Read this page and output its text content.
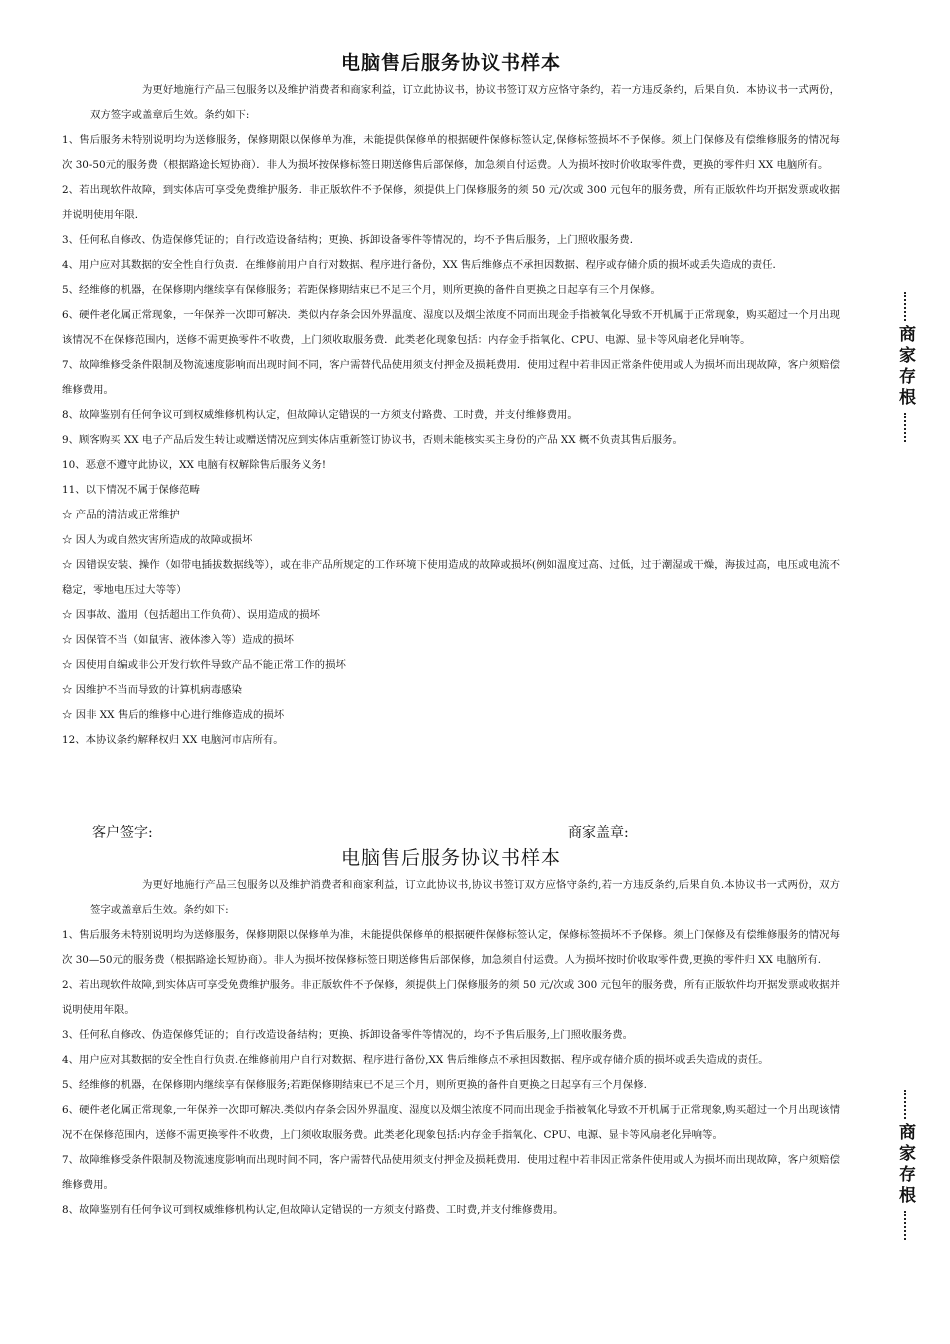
电脑售后服务协议书样本

为更好地施行产品三包服务以及维护消费者和商家利益，订立此协议书，协议书签订双方应恪守条约，若一方违反条约，后果自负．本协议书一式两份，双方签字或盖章后生效。条约如下:

1、售后服务未特别说明均为送修服务，保修期限以保修单为准，未能提供保修单的根据硬件保修标签认定,保修标签损坏不予保修。须上门保修及有偿维修服务的情况每次 30-50元的服务费（根据路途长短协商）．非人为损坏按保修标签日期送修售后部保修，加急须自付运费。人为损坏按时价收取零件费，更换的零件归 XX 电脑所有。

2、若出现软件故障，到实体店可享受免费维护服务．非正版软件不予保修，须提供上门保修服务的须 50 元/次或 300 元包年的服务费，所有正版软件均开据发票或收据并说明使用年限．

3、任何私自修改、伪造保修凭证的；自行改造设备结构；更换、拆卸设备零件等情况的，均不予售后服务，上门照收服务费．

4、用户应对其数据的安全性自行负责．在维修前用户自行对数据、程序进行备份，XX 售后维修点不承担因数据、程序或存储介质的损坏或丢失造成的责任．

5、经维修的机器，在保修期内继续享有保修服务；若距保修期结束已不足三个月，则所更换的备件自更换之日起享有三个月保修。

6、硬件老化属正常现象，一年保养一次即可解决．类似内存条会因外界温度、湿度以及烟尘浓度不同而出现金手指被氧化导致不开机属于正常现象，购买超过一个月出现该情况不在保修范围内，送修不需更换零件不收费，上门须收取服务费．此类老化现象包括：内存金手指氧化、CPU、电源、显卡等风扇老化异响等。

7、故障维修受条件限制及物流速度影响而出现时间不同，客户需替代品使用须支付押金及损耗费用．使用过程中若非因正常条件使用或人为损坏而出现故障，客户须赔偿维修费用。

8、故障鉴别有任何争议可到权威维修机构认定，但故障认定错误的一方须支付路费、工时费，并支付维修费用。

9、顾客购买 XX 电子产品后发生转让或赠送情况应到实体店重新签订协议书，否则未能核实买主身份的产品 XX 概不负责其售后服务。

10、恶意不遵守此协议，XX 电脑有权解除售后服务义务!

11、以下情况不属于保修范畴

☆ 产品的清洁或正常维护

☆ 因人为或自然灾害所造成的故障或损坏

☆ 因错误安装、操作（如带电插拔数据线等），或在非产品所规定的工作环境下使用造成的故障或损坏(例如温度过高、过低，过于潮湿或干燥，海拔过高，电压或电流不稳定，零地电压过大等等）

☆ 因事故、滥用（包括超出工作负荷）、误用造成的损坏

☆ 因保管不当（如鼠害、液体渗入等）造成的损坏

☆ 因使用自编或非公开发行软件导致产品不能正常工作的损坏

☆ 因维护不当而导致的计算机病毒感染

☆ 因非 XX 售后的维修中心进行维修造成的损坏

12、本协议条约解释权归 XX 电脑河市店所有。

客户签字:	商家盖章:
电脑售后服务协议书样本

为更好地施行产品三包服务以及维护消费者和商家利益，订立此协议书,协议书签订双方应恪守条约,若一方违反条约,后果自负.本协议书一式两份，双方签字或盖章后生效。条约如下:

1、售后服务未特别说明均为送修服务，保修期限以保修单为准，未能提供保修单的根据硬件保修标签认定，保修标签损坏不予保修。须上门保修及有偿维修服务的情况每次 30—50元的服务费（根据路途长短协商）。非人为损坏按保修标签日期送修售后部保修，加急须自付运费。人为损坏按时价收取零件费,更换的零件归 XX 电脑所有.

2、若出现软件故障,到实体店可享受免费维护服务。非正版软件不予保修，须提供上门保修服务的须 50 元/次或 300 元包年的服务费，所有正版软件均开据发票或收据并说明使用年限。

3、任何私自修改、伪造保修凭证的；自行改造设备结构；更换、拆卸设备零件等情况的，均不予售后服务,上门照收服务费。

4、用户应对其数据的安全性自行负责.在维修前用户自行对数据、程序进行备份,XX 售后维修点不承担因数据、程序或存储介质的损坏或丢失造成的责任。

5、经维修的机器，在保修期内继续享有保修服务;若距保修期结束已不足三个月，则所更换的备件自更换之日起享有三个月保修.

6、硬件老化属正常现象,一年保养一次即可解决.类似内存条会因外界温度、湿度以及烟尘浓度不同而出现金手指被氧化导致不开机属于正常现象,购买超过一个月出现该情况不在保修范围内，送修不需更换零件不收费，上门须收取服务费。此类老化现象包括:内存金手指氧化、CPU、电源、显卡等风扇老化异响等。

7、故障维修受条件限制及物流速度影响而出现时间不同，客户需替代品使用须支付押金及损耗费用．使用过程中若非因正常条件使用或人为损坏而出现故障，客户须赔偿维修费用。

8、故障鉴别有任何争议可到权威维修机构认定,但故障认定错误的一方须支付路费、工时费,并支付维修费用。

商家存根
商家存根
